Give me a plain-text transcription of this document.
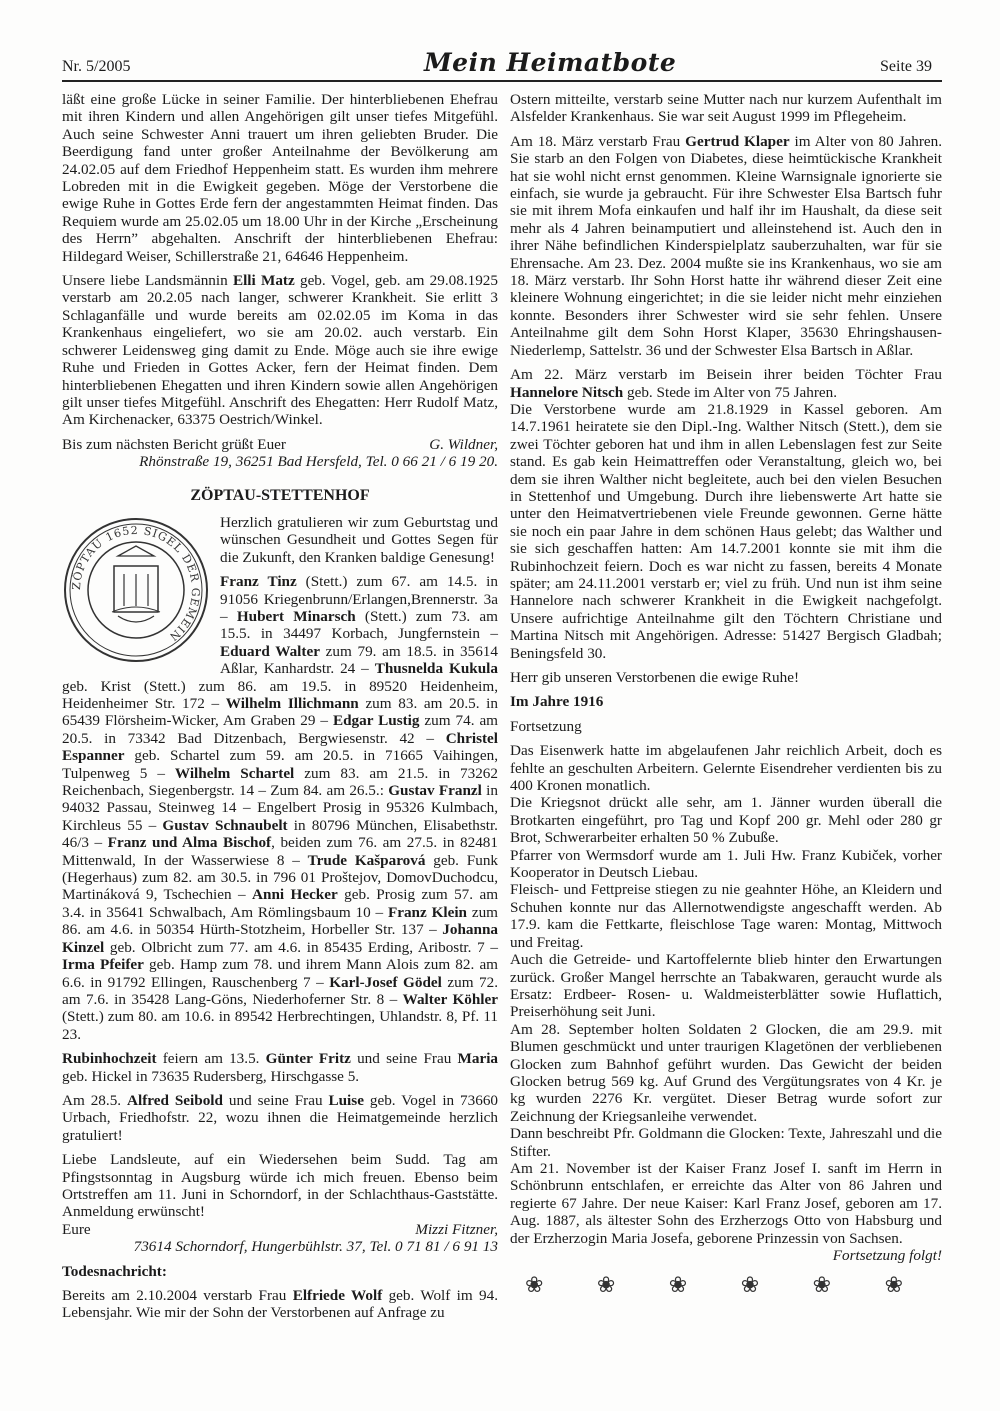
Nr. 5/2005	Mein Heimatbote	Seite 39

läßt eine große Lücke in seiner Familie. Der hinterbliebenen Ehefrau mit ihren Kindern und allen Angehörigen gilt unser tiefes Mitgefühl. Auch seine Schwester Anni trauert um ihren geliebten Bruder. Die Beerdigung fand unter großer Anteilnahme der Bevölkerung am 24.02.05 auf dem Friedhof Heppenheim statt. Es wurden ihm mehrere Lobreden mit in die Ewigkeit gegeben. Möge der Verstorbene die ewige Ruhe in Gottes Erde fern der angestammten Heimat finden. Das Requiem wurde am 25.02.05 um 18.00 Uhr in der Kirche „Erscheinung des Herrn” abgehalten. Anschrift der hinterbliebenen Ehefrau: Hildegard Weiser, Schillerstraße 21, 64646 Heppenheim.

Unsere liebe Landsmännin Elli Matz geb. Vogel, geb. am 29.08.1925 verstarb am 20.2.05 nach langer, schwerer Krankheit. Sie erlitt 3 Schlaganfälle und wurde bereits am 02.02.05 im Koma in das Krankenhaus eingeliefert, wo sie am 20.02. auch verstarb. Ein schwerer Leidensweg ging damit zu Ende. Möge auch sie ihre ewige Ruhe und Frieden in Gottes Acker, fern der Heimat finden. Dem hinterbliebenen Ehegatten und ihren Kindern sowie allen Angehörigen gilt unser tiefes Mitgefühl. Anschrift des Ehegatten: Herr Rudolf Matz, Am Kirchenacker, 63375 Oestrich/Winkel.

Bis zum nächsten Bericht grüßt Euer	G. Wildner,

Rhönstraße 19, 36251 Bad Hersfeld, Tel. 0 66 21 / 6 19 20.

ZÖPTAU-STETTENHOF
ZÖPTAU 1652 SIGEL DER GEMEIN

Herzlich gratulieren wir zum Geburtstag und wünschen Gesundheit und Gottes Segen für die Zukunft, den Kranken baldige Genesung!

Franz Tinz (Stett.) zum 67. am 14.5. in 91056 Kriegenbrunn/Erlangen,Brennerstr. 3a – Hubert Minarsch (Stett.) zum 73. am 15.5. in 34497 Korbach, Jungfernstein – Eduard Walter zum 79. am 18.5. in 35614 Aßlar, Kanhardstr. 24 – Thusnelda Kukula geb. Krist (Stett.) zum 86. am 19.5. in 89520 Heidenheim, Heidenheimer Str. 172 – Wilhelm Illichmann zum 83. am 20.5. in 65439 Flörsheim-Wicker, Am Graben 29 – Edgar Lustig zum 74. am 20.5. in 73342 Bad Ditzenbach, Bergwiesenstr. 42 – Christel Espanner geb. Schartel zum 59. am 20.5. in 71665 Vaihingen, Tulpenweg 5 – Wilhelm Schartel zum 83. am 21.5. in 73262 Reichenbach, Siegenbergstr. 14 – Zum 84. am 26.5.: Gustav Franzl in 94032 Passau, Steinweg 14 – Engelbert Prosig in 95326 Kulmbach, Kirchleus 55 – Gustav Schnaubelt in 80796 München, Elisabethstr. 46/3 – Franz und Alma Bischof, beiden zum 76. am 27.5. in 82481 Mittenwald, In der Wasserwiese 8 – Trude Kašparová geb. Funk (Hegerhaus) zum 82. am 30.5. in 796 01 Proštejov, DomovDuchodcu, Martináková 9, Tschechien – Anni Hecker geb. Prosig zum 57. am 3.4. in 35641 Schwalbach, Am Römlingsbaum 10 – Franz Klein zum 86. am 4.6. in 50354 Hürth-Stotzheim, Horbeller Str. 137 – Johanna Kinzel geb. Olbricht zum 77. am 4.6. in 85435 Erding, Aribostr. 7 – Irma Pfeifer geb. Hamp zum 78. und ihrem Mann Alois zum 82. am 6.6. in 91792 Ellingen, Rauschenberg 7 – Karl-Josef Gödel zum 72. am 7.6. in 35428 Lang-Göns, Niederhoferner Str. 8 – Walter Köhler (Stett.) zum 80. am 10.6. in 89542 Herbrechtingen, Uhlandstr. 8, Pf. 11 23.

Rubinhochzeit feiern am 13.5. Günter Fritz und seine Frau Maria geb. Hickel in 73635 Rudersberg, Hirschgasse 5.

Am 28.5. Alfred Seibold und seine Frau Luise geb. Vogel in 73660 Urbach, Friedhofstr. 22, wozu ihnen die Heimatgemeinde herzlich gratuliert!

Liebe Landsleute, auf ein Wiedersehen beim Sudd. Tag am Pfingstsonntag in Augsburg würde ich mich freuen. Ebenso beim Ortstreffen am 11. Juni in Schorndorf, in der Schlachthaus-Gaststätte. Anmeldung erwünscht!

Eure	Mizzi Fitzner,

73614 Schorndorf, Hungerbühlstr. 37, Tel. 0 71 81 / 6 91 13

Todesnachricht:

Bereits am 2.10.2004 verstarb Frau Elfriede Wolf geb. Wolf im 94. Lebensjahr. Wie mir der Sohn der Verstorbenen auf Anfrage zu

Ostern mitteilte, verstarb seine Mutter nach nur kurzem Aufenthalt im Alsfelder Krankenhaus. Sie war seit August 1999 im Pflegeheim.

Am 18. März verstarb Frau Gertrud Klaper im Alter von 80 Jahren. Sie starb an den Folgen von Diabetes, diese heimtückische Krankheit hat sie wohl nicht ernst genommen. Kleine Warnsignale ignorierte sie einfach, sie wurde ja gebraucht. Für ihre Schwester Elsa Bartsch fuhr sie mit ihrem Mofa einkaufen und half ihr im Haushalt, da diese seit mehr als 4 Jahren beinamputiert und alleinstehend ist. Auch den in ihrer Nähe befindlichen Kinderspielplatz sauberzuhalten, war für sie Ehrensache. Am 23. Dez. 2004 mußte sie ins Krankenhaus, wo sie am 18. März verstarb. Ihr Sohn Horst hatte ihr während dieser Zeit eine kleinere Wohnung eingerichtet; in die sie leider nicht mehr einziehen konnte. Besonders ihrer Schwester wird sie sehr fehlen. Unsere Anteilnahme gilt dem Sohn Horst Klaper, 35630 Ehringshausen-Niederlemp, Sattelstr. 36 und der Schwester Elsa Bartsch in Aßlar.

Am 22. März verstarb im Beisein ihrer beiden Töchter Frau Hannelore Nitsch geb. Stede im Alter von 75 Jahren.

Die Verstorbene wurde am 21.8.1929 in Kassel geboren. Am 14.7.1961 heiratete sie den Dipl.-Ing. Walther Nitsch (Stett.), dem sie zwei Töchter geboren hat und ihm in allen Lebenslagen fest zur Seite stand. Es gab kein Heimattreffen oder Veranstaltung, gleich wo, bei dem sie ihren Walther nicht begleitete, auch bei den vielen Besuchen in Stettenhof und Umgebung. Durch ihre liebenswerte Art hatte sie unter den Heimatvertriebenen viele Freunde gewonnen. Gerne hätte sie noch ein paar Jahre in dem schönen Haus gelebt; das Walther und sie sich geschaffen hatten: Am 14.7.2001 konnte sie mit ihm die Rubinhochzeit feiern. Doch es war nicht zu fassen, bereits 4 Monate später; am 24.11.2001 verstarb er; viel zu früh. Und nun ist ihm seine Hannelore nach schwerer Krankheit in die Ewigkeit nachgefolgt. Unsere aufrichtige Anteilnahme gilt den Töchtern Christiane und Martina Nitsch mit Angehörigen. Adresse: 51427 Bergisch Gladbah; Beningsfeld 30.

Herr gib unseren Verstorbenen die ewige Ruhe!

Im Jahre 1916

Fortsetzung

Das Eisenwerk hatte im abgelaufenen Jahr reichlich Arbeit, doch es fehlte an geschulten Arbeitern. Gelernte Eisendreher verdienten bis zu 400 Kronen monatlich.

Die Kriegsnot drückt alle sehr, am 1. Jänner wurden überall die Brotkarten eingeführt, pro Tag und Kopf 200 gr. Mehl oder 280 gr Brot, Schwerarbeiter erhalten 50 % Zubuße.

Pfarrer von Wermsdorf wurde am 1. Juli Hw. Franz Kubiček, vorher Kooperator in Deutsch Liebau.

Fleisch- und Fettpreise stiegen zu nie geahnter Höhe, an Kleidern und Schuhen konnte nur das Allernotwendigste angeschafft werden. Ab 17.9. kam die Fettkarte, fleischlose Tage waren: Montag, Mittwoch und Freitag.

Auch die Getreide- und Kartoffelernte blieb hinter den Erwartungen zurück. Großer Mangel herrschte an Tabakwaren, geraucht wurde als Ersatz: Erdbeer- Rosen- u. Waldmeisterblätter sowie Huflattich, Preiserhöhung seit Juni.

Am 28. September holten Soldaten 2 Glocken, die am 29.9. mit Blumen geschmückt und unter traurigen Klagetönen der verbliebenen Glocken zum Bahnhof geführt wurden. Das Gewicht der beiden Glocken betrug 569 kg. Auf Grund des Vergütungsrates von 4 Kr. je kg wurden 2276 Kr. vergütet. Dieser Betrag wurde sofort zur Zeichnung der Kriegsanleihe verwendet.

Dann beschreibt Pfr. Goldmann die Glocken: Texte, Jahreszahl und die Stifter.

Am 21. November ist der Kaiser Franz Josef I. sanft im Herrn in Schönbrunn entschlafen, er erreichte das Alter von 86 Jahren und regierte 67 Jahre. Der neue Kaiser: Karl Franz Josef, geboren am 17. Aug. 1887, als ältester Sohn des Erzherzogs Otto von Habsburg und der Erzherzogin Maria Josefa, geborene Prinzessin von Sachsen.

Fortsetzung folgt!

❀ ❀ ❀ ❀ ❀ ❀
